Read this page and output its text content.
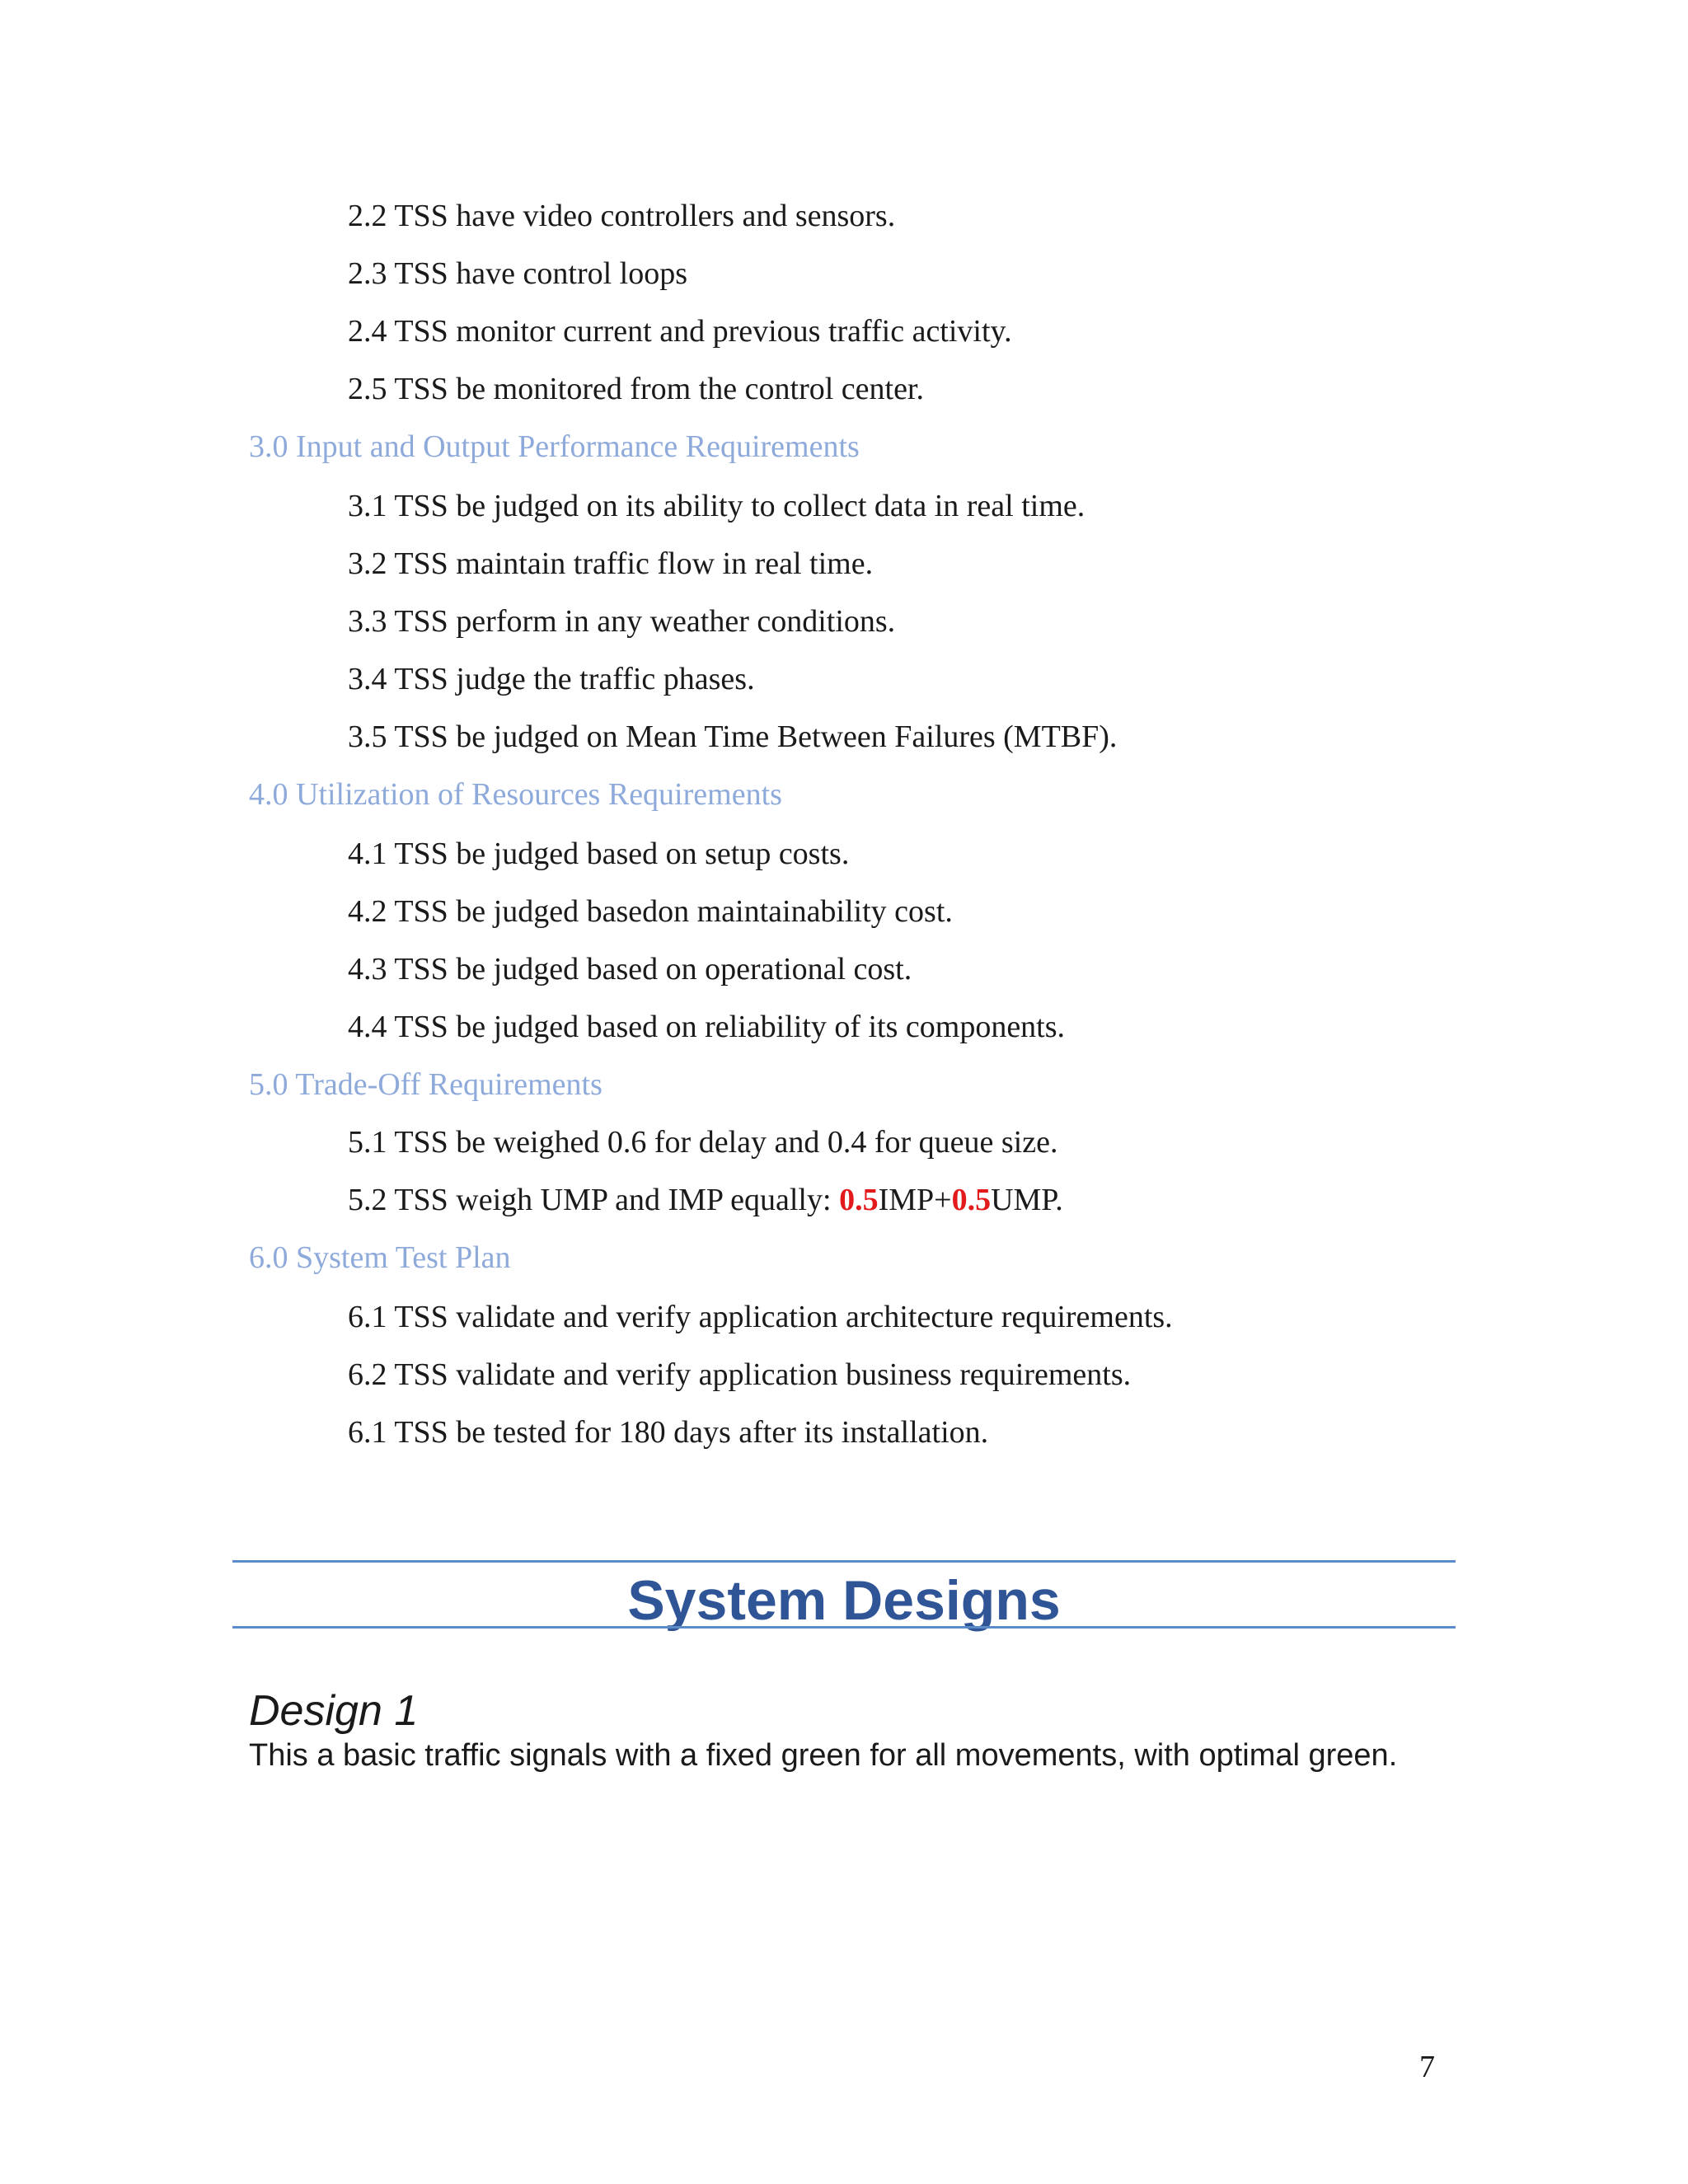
2.2 TSS have video controllers and sensors.
2.3 TSS have control loops
2.4 TSS monitor current and previous traffic activity.
2.5 TSS be monitored from the control center.
3.0 Input and Output Performance Requirements
3.1 TSS be judged on its ability to collect data in real time.
3.2 TSS maintain traffic flow in real time.
3.3 TSS perform in any weather conditions.
3.4 TSS judge the traffic phases.
3.5 TSS be judged on Mean Time Between Failures (MTBF).
4.0 Utilization of Resources Requirements
4.1 TSS be judged based on setup costs.
4.2 TSS be judged basedon maintainability cost.
4.3 TSS be judged based on operational cost.
4.4 TSS be judged based on reliability of its components.
5.0 Trade-Off Requirements
5.1 TSS be weighed 0.6 for delay and 0.4 for queue size.
5.2 TSS weigh UMP and IMP equally: 0.5IMP+0.5UMP.
6.0 System Test Plan
6.1 TSS validate and verify application architecture requirements.
6.2 TSS validate and verify application business requirements.
6.1 TSS be tested for 180 days after its installation.
System Designs
Design 1
This a basic traffic signals with a fixed green for all movements, with optimal green.
7
